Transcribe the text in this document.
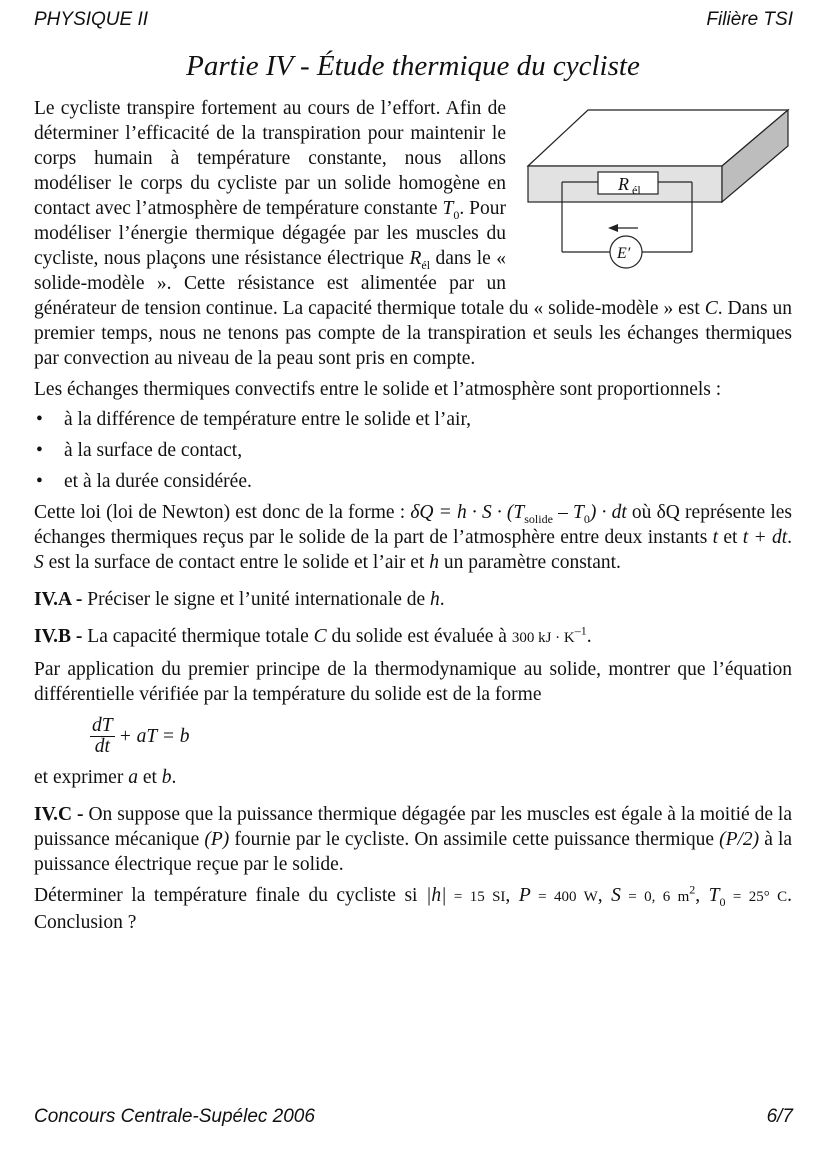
PHYSIQUE II	Filière TSI
Partie IV - Étude thermique du cycliste
R él
E′

Le cycliste transpire fortement au cours de l’effort. Afin de déterminer l’efficacité de la transpiration pour maintenir le corps humain à température constante, nous allons modéliser le corps du cycliste par un solide homogène en contact avec l’atmosphère de température constante $T_0$. Pour modéliser l’énergie thermique dégagée par les muscles du cycliste, nous plaçons une résistance électrique $R_{él}$ dans le « solide-modèle ». Cette résistance est alimentée par un générateur de tension continue. La capacité thermique totale du « solide-modèle » est C. Dans un premier temps, nous ne tenons pas compte de la transpiration et seuls les échanges thermiques par convection au niveau de la peau sont pris en compte.

Les échanges thermiques convectifs entre le solide et l’atmosphère sont proportionnels :

• à la différence de température entre le solide et l’air,
• à la surface de contact,
• et à la durée considérée.

Cette loi (loi de Newton) est donc de la forme : $\delta Q = h \cdot S \cdot (T_{solide} - T_0)$ · dt où δQ représente les échanges thermiques reçus par le solide de la part de l’atmosphère entre deux instants t et t + dt. S est la surface de contact entre le solide et l’air et h un paramètre constant.

IV.A - Préciser le signe et l’unité internationale de h.

IV.B - La capacité thermique totale C du solide est évaluée à 300 kJ · $K^{-1}$.

Par application du premier principe de la thermodynamique au solide, montrer que l’équation différentielle vérifiée par la température du solide est de la forme

$\frac{dT}{dt}$ + aT = b

et exprimer a et b.

IV.C - On suppose que la puissance thermique dégagée par les muscles est égale à la moitié de la puissance mécanique (P) fournie par le cycliste. On assimile cette puissance thermique (P/2) à la puissance électrique reçue par le solide.

Déterminer la température finale du cycliste si |h| = 15 SI, P = 400 W, S = 0, 6 $m^2$, $T_0 = 25^\circ$ C. Conclusion ?

Concours Centrale-Supélec 2006	6/7
